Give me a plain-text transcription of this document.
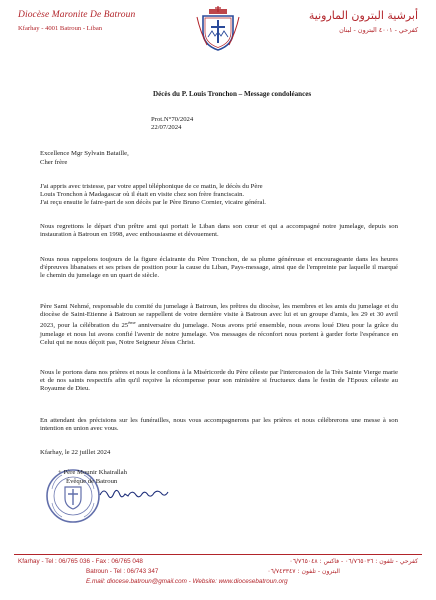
Diocèse Maronite De Batroun
Kfarhay - 4001 Batroun - Liban
أبرشية البترون المارونية
كفرحي - ٤٠٠١ البترون - لبنان
Décès du P. Louis Tronchon – Message condoléances
Prot.N°70/2024
22/07/2024
Excellence Mgr Sylvain Bataille,
Cher frère
J'ai appris avec tristesse, par votre appel téléphonique de ce matin, le décès du Père
Louis Tronchon à Madagascar où il était en visite chez son frère franciscain.
J'ai reçu ensuite le faire-part de son décès par le Père Bruno Cornier, vicaire général.
Nous regrettons le départ d'un prêtre ami qui portait le Liban dans son cœur et qui a accompagné notre jumelage, depuis son instauration à Batroun en 1998, avec enthousiasme et dévouement.
Nous nous rappelons toujours de la figure éclairante du Père Tronchon, de sa plume généreuse et encourageante dans les heures d'épreuves libanaises et ses prises de position pour la cause du Liban, Pays-message, ainsi que de l'empreinte par laquelle il marqué le chemin du jumelage en un quart de siècle.
Père Sami Nehmé, responsable du comité du jumelage à Batroun, les prêtres du diocèse, les membres et les amis du jumelage et du diocèse de Saint-Etienne à Batroun se rappellent de votre dernière visite à Batroun avec lui et un groupe d'amis, les 29 et 30 avril 2023, pour la célébration du 25ème anniversaire du jumelage. Nous avons prié ensemble, nous avons loué Dieu pour la grâce du jumelage et nous lui avons confié l'avenir de notre jumelage. Vos messages de réconfort nous portent à garder forte l'espérance en Celui qui ne nous déçoit pas, Notre Seigneur Jésus Christ.
Nous le portons dans nos prières et nous le confions à la Miséricorde du Père céleste par l'intercession de la Très Sainte Vierge marie et de nos saints respectifs afin qu'il reçoive la récompense pour son ministère si fructueux dans le festin de l'Epoux céleste au Royaume de Dieu.
En attendant des précisions sur les funérailles, nous vous accompagnerons par les prières et nous célébrerons une messe à son intention en union avec vous.
Kfarhay, le 22 juillet 2024
+ Père Mounir Khairallah
Évêque de Batroun
Kfarhay - Tel : 06/765 036 - Fax : 06/765 048
Batroun - Tel : 06/743 347
كفرحي - تلفون : ٠٦/٧٦٥٠٣٦ - فاكس : ٠٦/٧٦٥٠٤٨
البترون - تلفون : ٠٦/٧٤٣٣٤٧
E.mail: diocese.batroun@gmail.com - Website: www.diocesebatroun.org
